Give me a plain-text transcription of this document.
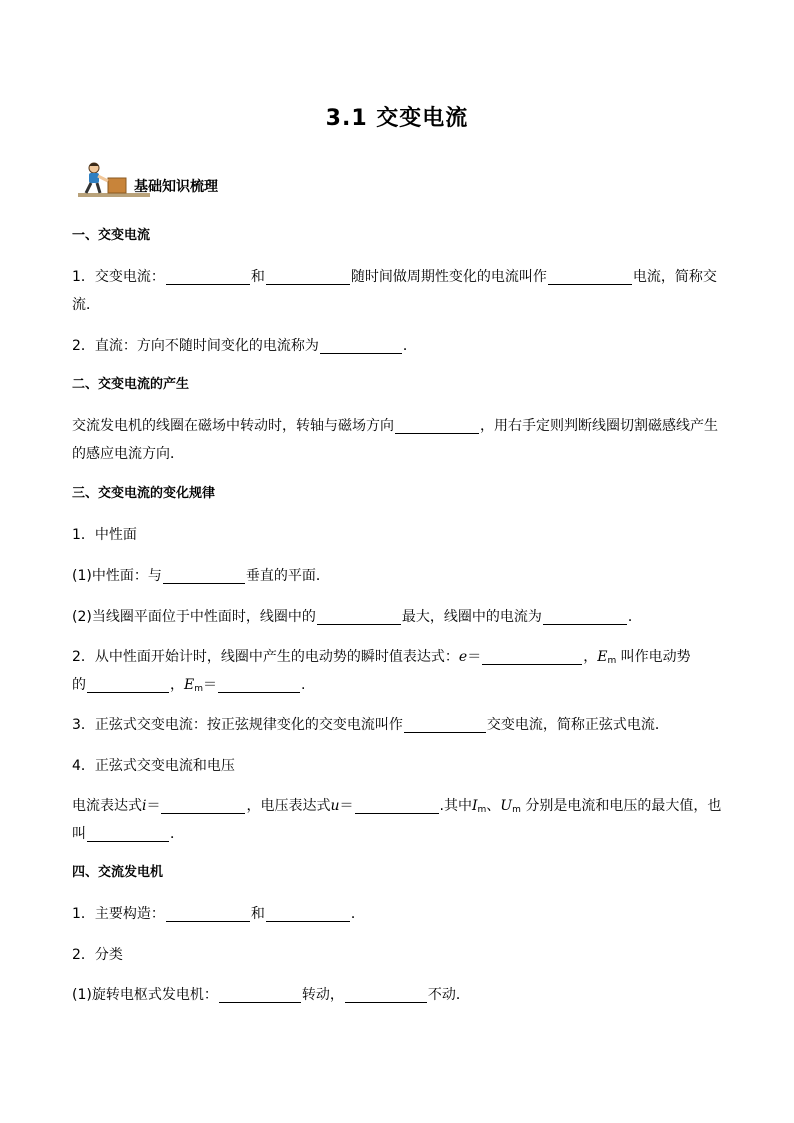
3.1 交变电流
基础知识梳理
一、交变电流
1．交变电流：	和	随时间做周期性变化的电流叫作	电流，简称交
流．
2．直流：方向不随时间变化的电流称为	．
二、交变电流的产生
交流发电机的线圈在磁场中转动时，转轴与磁场方向	，用右手定则判断线圈切割磁感线产生
的感应电流方向．
三、交变电流的变化规律
1．中性面
(1)中性面：与	垂直的平面．
(2)当线圈平面位于中性面时，线圈中的	最大，线圈中的电流为	．
2．从中性面开始计时，线圈中产生的电动势的瞬时值表达式：e＝	，$E_m$ 叫作电动势
的	，$E_m=$	.
3．正弦式交变电流：按正弦规律变化的交变电流叫作	交变电流，简称正弦式电流．
4．正弦式交变电流和电压
电流表达式i＝	，电压表达式u＝	.其中$I_m$、$U_m$ 分别是电流和电压的最大值，也
叫	．
四、交流发电机
1．主要构造：	和	．
2．分类
(1)旋转电枢式发电机：	转动，	不动．
